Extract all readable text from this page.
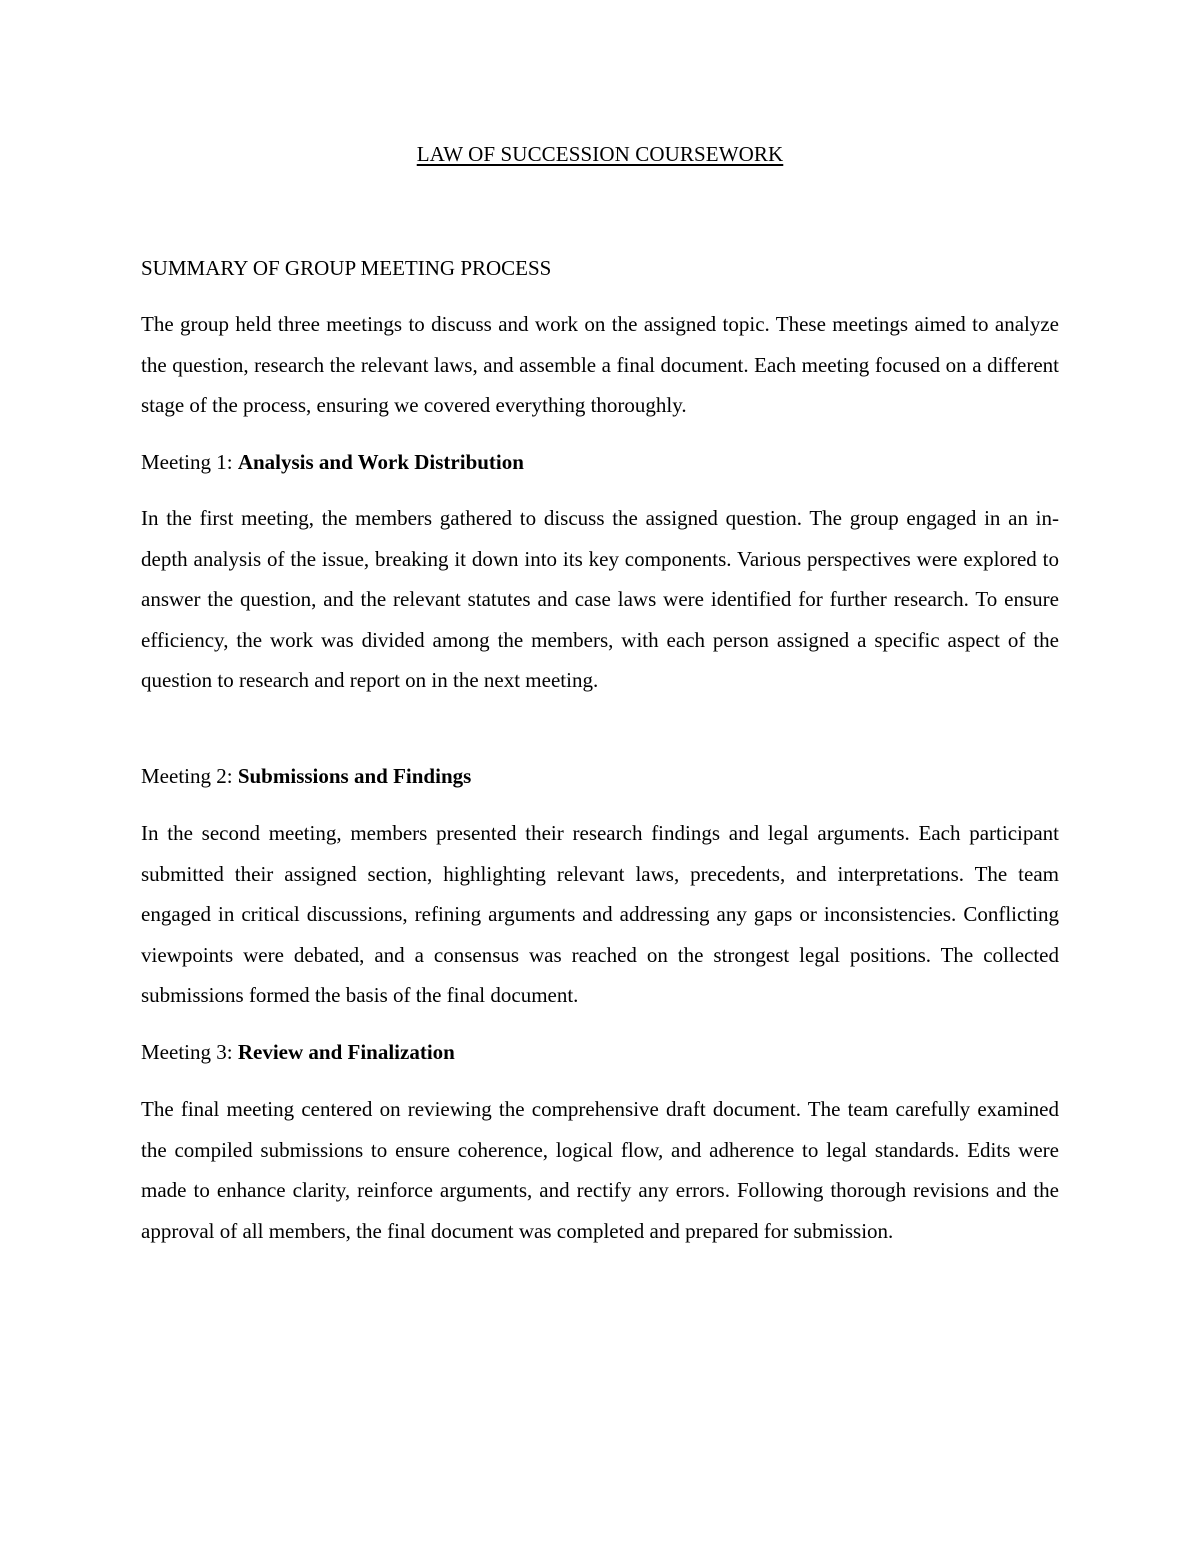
LAW OF SUCCESSION COURSEWORK
SUMMARY OF GROUP MEETING PROCESS

The group held three meetings to discuss and work on the assigned topic. These meetings aimed to analyze the question, research the relevant laws, and assemble a final document. Each meeting focused on a different stage of the process, ensuring we covered everything thoroughly.

Meeting 1: Analysis and Work Distribution

In the first meeting, the members gathered to discuss the assigned question. The group engaged in an in-depth analysis of the issue, breaking it down into its key components. Various perspectives were explored to answer the question, and the relevant statutes and case laws were identified for further research. To ensure efficiency, the work was divided among the members, with each person assigned a specific aspect of the question to research and report on in the next meeting.

Meeting 2: Submissions and Findings

In the second meeting, members presented their research findings and legal arguments. Each participant submitted their assigned section, highlighting relevant laws, precedents, and interpretations. The team engaged in critical discussions, refining arguments and addressing any gaps or inconsistencies. Conflicting viewpoints were debated, and a consensus was reached on the strongest legal positions. The collected submissions formed the basis of the final document.

Meeting 3: Review and Finalization

The final meeting centered on reviewing the comprehensive draft document. The team carefully examined the compiled submissions to ensure coherence, logical flow, and adherence to legal standards. Edits were made to enhance clarity, reinforce arguments, and rectify any errors. Following thorough revisions and the approval of all members, the final document was completed and prepared for submission.
